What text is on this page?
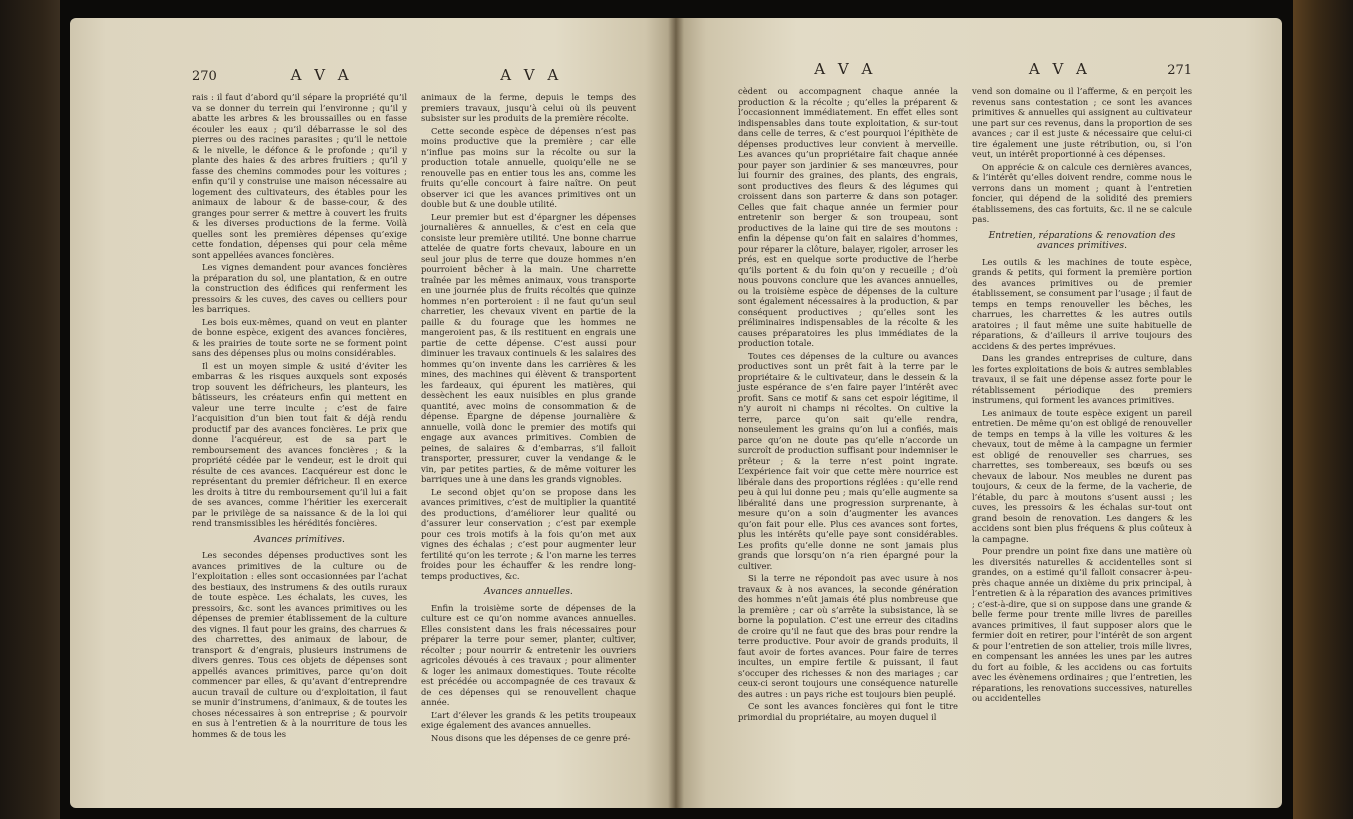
270	A V A	A V A

rais : il faut d’abord qu’il sépare la propriété qu’il va se donner du terrein qui l’environne ; qu’il y abatte les arbres & les broussailles ou en fasse écouler les eaux ; qu’il débarrasse le sol des pierres ou des racines parasites ; qu’il le nettoie & le nivelle, le défonce & le profonde ; qu’il y plante des haies & des arbres fruitiers ; qu’il y fasse des chemins commodes pour les voitures ; enfin qu’il y construise une maison nécessaire au logement des cultivateurs, des étables pour les animaux de labour & de basse-cour, & des granges pour serrer & mettre à couvert les fruits & les diverses productions de la ferme. Voilà quelles sont les premières dépenses qu’exige cette fondation, dépenses qui pour cela même sont appellées avances foncières.

Les vignes demandent pour avances foncières la préparation du sol, une plantation, & en outre la construction des édifices qui renferment les pressoirs & les cuves, des caves ou celliers pour les barriques.

Les bois eux-mêmes, quand on veut en planter de bonne espèce, exigent des avances foncières, & les prairies de toute sorte ne se forment point sans des dépenses plus ou moins considérables.

Il est un moyen simple & usité d’éviter les embarras & les risques auxquels sont exposés trop souvent les défricheurs, les planteurs, les bâtisseurs, les créateurs enfin qui mettent en valeur une terre inculte ; c’est de faire l’acquisition d’un bien tout fait & déjà rendu productif par des avances foncières. Le prix que donne l’acquéreur, est de sa part le remboursement des avances foncières ; & la propriété cédée par le vendeur, est le droit qui résulte de ces avances. L’acquéreur est donc le représentant du premier défricheur. Il en exerce les droits à titre du remboursement qu’il lui a fait de ses avances, comme l’héritier les exercerait par le privilège de sa naissance & de la loi qui rend transmissibles les hérédités foncières.

Avances primitives.

Les secondes dépenses productives sont les avances primitives de la culture ou de l’exploitation : elles sont occasionnées par l’achat des bestiaux, des instrumens & des outils ruraux de toute espèce. Les échalats, les cuves, les pressoirs, &c. sont les avances primitives ou les dépenses de premier établissement de la culture des vignes. Il faut pour les grains, des charrues & des charrettes, des animaux de labour, de transport & d’engrais, plusieurs instrumens de divers genres. Tous ces objets de dépenses sont appellés avances primitives, parce qu’on doit commencer par elles, & qu’avant d’entreprendre aucun travail de culture ou d’exploitation, il faut se munir d’instrumens, d’animaux, & de toutes les choses nécessaires à son entreprise ; & pourvoir en sus à l’entretien & à la nourriture de tous les hommes & de tous les

animaux de la ferme, depuis le temps des premiers travaux, jusqu’à celui où ils peuvent subsister sur les produits de la première récolte.

Cette seconde espèce de dépenses n’est pas moins productive que la première ; car elle n’influe pas moins sur la récolte ou sur la production totale annuelle, quoiqu’elle ne se renouvelle pas en entier tous les ans, comme les fruits qu’elle concourt à faire naître. On peut observer ici que les avances primitives ont un double but & une double utilité.

Leur premier but est d’épargner les dépenses journalières & annuelles, & c’est en cela que consiste leur première utilité. Une bonne charrue attelée de quatre forts chevaux, laboure en un seul jour plus de terre que douze hommes n’en pourroient bêcher à la main. Une charrette traînée par les mêmes animaux, vous transporte en une journée plus de fruits récoltés que quinze hommes n’en porteroient : il ne faut qu’un seul charretier, les chevaux vivent en partie de la paille & du fourage que les hommes ne mangeroient pas, & ils restituent en engrais une partie de cette dépense. C’est aussi pour diminuer les travaux continuels & les salaires des hommes qu’on invente dans les carrières & les mines, des machines qui élèvent & transportent les fardeaux, qui épurent les matières, qui dessèchent les eaux nuisibles en plus grande quantité, avec moins de consommation & de dépense. Épargne de dépense journalière & annuelle, voilà donc le premier des motifs qui engage aux avances primitives. Combien de peines, de salaires & d’embarras, s’il falloit transporter, pressurer, cuver la vendange & le vin, par petites parties, & de même voiturer les barriques une à une dans les grands vignobles.

Le second objet qu’on se propose dans les avances primitives, c’est de multiplier la quantité des productions, d’améliorer leur qualité ou d’assurer leur conservation ; c’est par exemple pour ces trois motifs à la fois qu’on met aux vignes des échalas ; c’est pour augmenter leur fertilité qu’on les terrote ; & l’on marne les terres froides pour les échauffer & les rendre long-temps productives, &c.

Avances annuelles.

Enfin la troisième sorte de dépenses de la culture est ce qu’on nomme avances annuelles. Elles consistent dans les frais nécessaires pour préparer la terre pour semer, planter, cultiver, récolter ; pour nourrir & entretenir les ouvriers agricoles dévoués à ces travaux ; pour alimenter & loger les animaux domestiques. Toute récolte est précédée ou accompagnée de ces travaux & de ces dépenses qui se renouvellent chaque année.

L’art d’élever les grands & les petits troupeaux exige également des avances annuelles.

Nous disons que les dépenses de ce genre pré-

A V A	A V A	271

cèdent ou accompagnent chaque année la production & la récolte ; qu’elles la préparent & l’occasionnent immédiatement. En effet elles sont indispensables dans toute exploitation, & sur-tout dans celle de terres, & c’est pourquoi l’épithète de dépenses productives leur convient à merveille. Les avances qu’un propriétaire fait chaque année pour payer son jardinier & ses manœuvres, pour lui fournir des graines, des plants, des engrais, sont productives des fleurs & des légumes qui croissent dans son parterre & dans son potager. Celles que fait chaque année un fermier pour entretenir son berger & son troupeau, sont productives de la laine qui tire de ses moutons : enfin la dépense qu’on fait en salaires d’hommes, pour réparer la clôture, balayer, rigoler, arroser les prés, est en quelque sorte productive de l’herbe qu’ils portent & du foin qu’on y recueille ; d’où nous pouvons conclure que les avances annuelles, ou la troisième espèce de dépenses de la culture sont également nécessaires à la production, & par conséquent productives ; qu’elles sont les préliminaires indispensables de la récolte & les causes préparatoires les plus immédiates de la production totale.

Toutes ces dépenses de la culture ou avances productives sont un prêt fait à la terre par le propriétaire & le cultivateur, dans le dessein & la juste espérance de s’en faire payer l’intérêt avec profit. Sans ce motif & sans cet espoir légitime, il n’y auroit ni champs ni récoltes. On cultive la terre, parce qu’on sait qu’elle rendra, nonseulement les grains qu’on lui a confiés, mais parce qu’on ne doute pas qu’elle n’accorde un surcroît de production suffisant pour indemniser le prêteur ; & la terre n’est point ingrate. L’expérience fait voir que cette mère nourrice est libérale dans des proportions réglées : qu’elle rend peu à qui lui donne peu ; mais qu’elle augmente sa libéralité dans une progression surprenante, à mesure qu’on a soin d’augmenter les avances qu’on fait pour elle. Plus ces avances sont fortes, plus les intérêts qu’elle paye sont considérables. Les profits qu’elle donne ne sont jamais plus grands que lorsqu’on n’a rien épargné pour la cultiver.

Si la terre ne répondoit pas avec usure à nos travaux & à nos avances, la seconde génération des hommes n’eût jamais été plus nombreuse que la première ; car où s’arrête la subsistance, là se borne la population. C’est une erreur des citadins de croire qu’il ne faut que des bras pour rendre la terre productive. Pour avoir de grands produits, il faut avoir de fortes avances. Pour faire de terres incultes, un empire fertile & puissant, il faut s’occuper des richesses & non des mariages ; car ceux-ci seront toujours une conséquence naturelle des autres : un pays riche est toujours bien peuplé.

Ce sont les avances foncières qui font le titre primordial du propriétaire, au moyen duquel il

vend son domaine ou il l’afferme, & en perçoit les revenus sans contestation ; ce sont les avances primitives & annuelles qui assignent au cultivateur une part sur ces revenus, dans la proportion de ses avances ; car il est juste & nécessaire que celui-ci tire également une juste rétribution, ou, si l’on veut, un intérêt proportionné à ces dépenses.

On apprécie & on calcule ces dernières avances, & l’intérêt qu’elles doivent rendre, comme nous le verrons dans un moment ; quant à l’entretien foncier, qui dépend de la solidité des premiers établissemens, des cas fortuits, &c. il ne se calcule pas.

Entretien, réparations & renovation des avances primitives.

Les outils & les machines de toute espèce, grands & petits, qui forment la première portion des avances primitives ou de premier établissement, se consument par l’usage ; il faut de temps en temps renouveller les bêches, les charrues, les charrettes & les autres outils aratoires ; il faut même une suite habituelle de réparations, & d’ailleurs il arrive toujours des accidens & des pertes imprévues.

Dans les grandes entreprises de culture, dans les fortes exploitations de bois & autres semblables travaux, il se fait une dépense assez forte pour le rétablissement périodique des premiers instrumens, qui forment les avances primitives.

Les animaux de toute espèce exigent un pareil entretien. De même qu’on est obligé de renouveller de temps en temps à la ville les voitures & les chevaux, tout de même à la campagne un fermier est obligé de renouveller ses charrues, ses charrettes, ses tombereaux, ses bœufs ou ses chevaux de labour. Nos meubles ne durent pas toujours, & ceux de la ferme, de la vacherie, de l’étable, du parc à moutons s’usent aussi ; les cuves, les pressoirs & les échalas sur-tout ont grand besoin de renovation. Les dangers & les accidens sont bien plus fréquens & plus coûteux à la campagne.

Pour prendre un point fixe dans une matière où les diversités naturelles & accidentelles sont si grandes, on a estimé qu’il falloit consacrer à-peu-près chaque année un dixième du prix principal, à l’entretien & à la réparation des avances primitives ; c’est-à-dire, que si on suppose dans une grande & belle ferme pour trente mille livres de pareilles avances primitives, il faut supposer alors que le fermier doit en retirer, pour l’intérêt de son argent & pour l’entretien de son attelier, trois mille livres, en compensant les années les unes par les autres du fort au foible, & les accidens ou cas fortuits avec les évènemens ordinaires ; que l’entretien, les réparations, les renovations successives, naturelles ou accidentelles
